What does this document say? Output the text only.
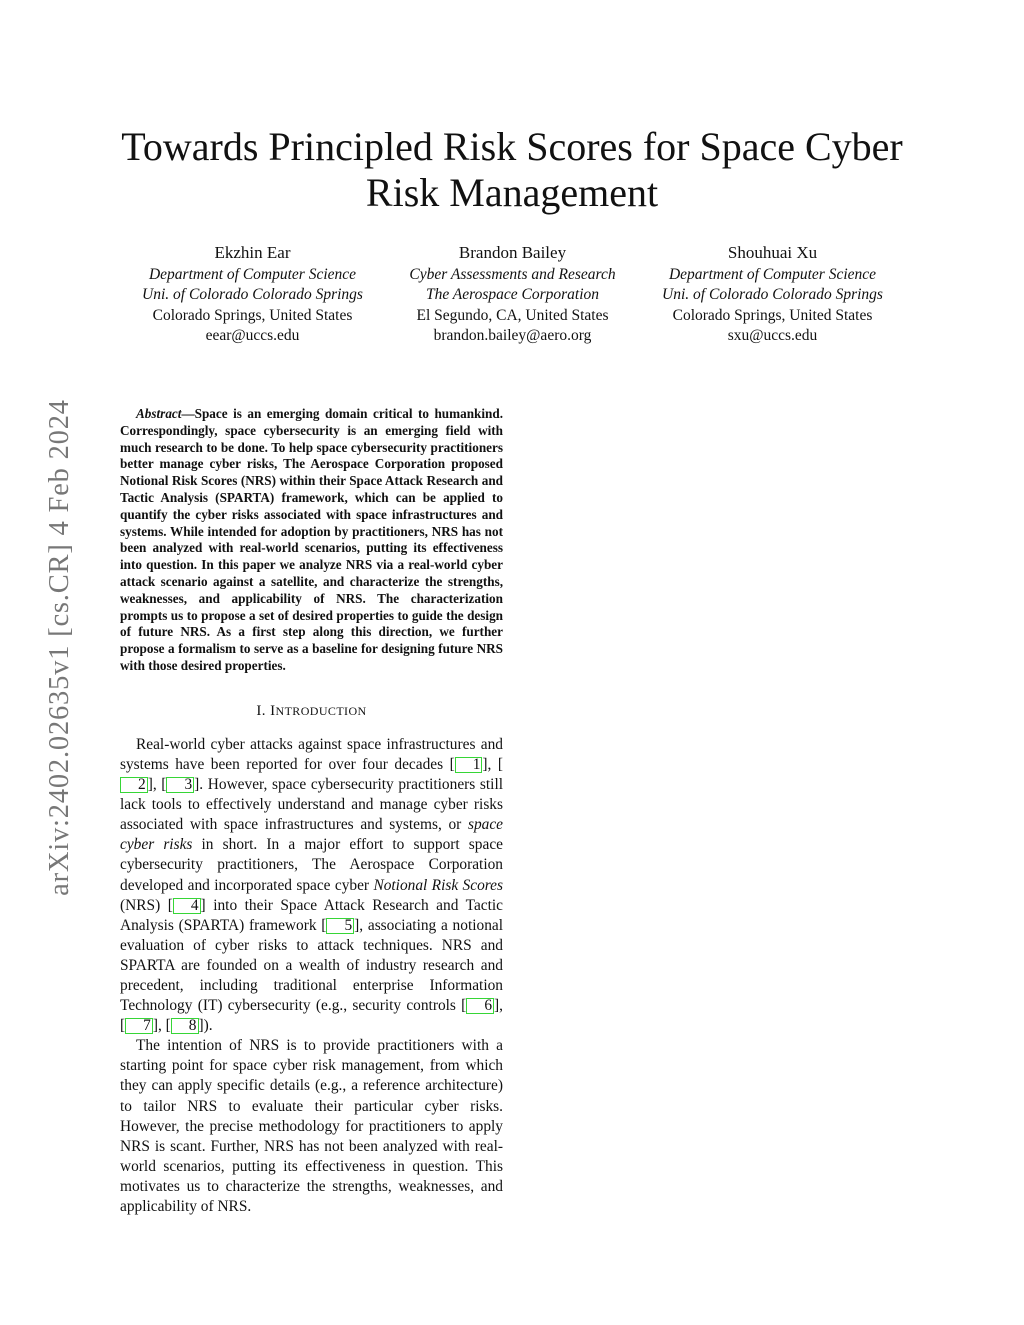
arXiv:2402.02635v1 [cs.CR] 4 Feb 2024
Towards Principled Risk Scores for Space Cyber Risk Management
Ekzhin Ear
Department of Computer Science
Uni. of Colorado Colorado Springs
Colorado Springs, United States
eear@uccs.edu
Brandon Bailey
Cyber Assessments and Research
The Aerospace Corporation
El Segundo, CA, United States
brandon.bailey@aero.org
Shouhuai Xu
Department of Computer Science
Uni. of Colorado Colorado Springs
Colorado Springs, United States
sxu@uccs.edu

Abstract—Space is an emerging domain critical to humankind. Correspondingly, space cybersecurity is an emerging field with much research to be done. To help space cybersecurity practitioners better manage cyber risks, The Aerospace Corporation proposed Notional Risk Scores (NRS) within their Space Attack Research and Tactic Analysis (SPARTA) framework, which can be applied to quantify the cyber risks associated with space infrastructures and systems. While intended for adoption by practitioners, NRS has not been analyzed with real-world scenarios, putting its effectiveness into question. In this paper we analyze NRS via a real-world cyber attack scenario against a satellite, and characterize the strengths, weaknesses, and applicability of NRS. The characterization prompts us to propose a set of desired properties to guide the design of future NRS. As a first step along this direction, we further propose a formalism to serve as a baseline for designing future NRS with those desired properties.

I. INTRODUCTION

Real-world cyber attacks against space infrastructures and systems have been reported for over four decades [ 1 ], [2 ], [ 3 ]. However, space cybersecurity practitioners still lack tools to effectively understand and manage cyber risks associated with space infrastructures and systems, or space cyber risks in short. In a major effort to support space cybersecurity practitioners, The Aerospace Corporation developed and incorporated space cyber Notional Risk Scores (NRS) [ 4 ] into their Space Attack Research and Tactic Analysis (SPARTA) framework [ 5 ], associating a notional evaluation of cyber risks to attack techniques. NRS and SPARTA are founded on a wealth of industry research and precedent, including traditional enterprise Information Technology (IT) cybersecurity (e.g., security controls [ 6 ], [ 7 ], [ 8 ]).

The intention of NRS is to provide practitioners with a starting point for space cyber risk management, from which they can apply specific details (e.g., a reference architecture) to tailor NRS to evaluate their particular cyber risks. However, the precise methodology for practitioners to apply NRS is scant. Further, NRS has not been analyzed with real-world scenarios, putting its effectiveness in question. This motivates us to characterize the strengths, weaknesses, and applicability of NRS.
